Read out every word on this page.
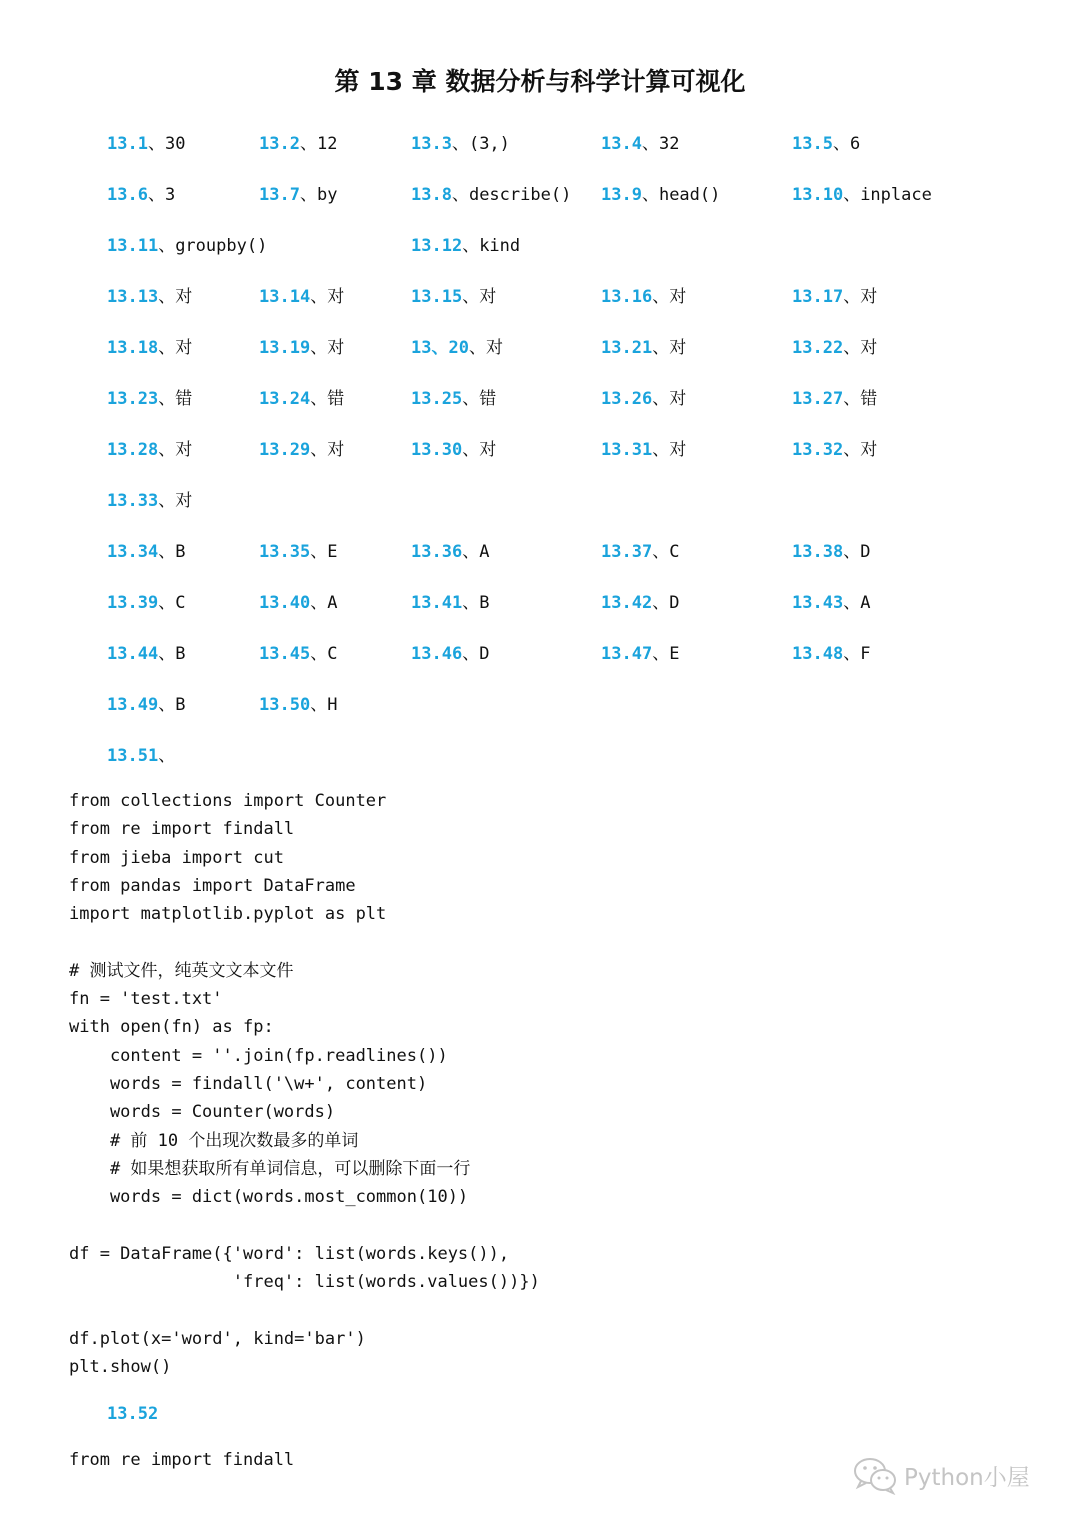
第 13 章 数据分析与科学计算可视化
13.1、30	13.2、12	13.3、(3,)	13.4、32	13.5、6
13.6、3	13.7、by	13.8、describe() 13.9、head()	13.10、inplace
13.11、groupby()	13.12、kind
13.13、对	13.14、对	13.15、对	13.16、对	13.17、对
13.18、对	13.19、对	13、20、对	13.21、对	13.22、对
13.23、错	13.24、错	13.25、错	13.26、对	13.27、错
13.28、对	13.29、对	13.30、对	13.31、对	13.32、对
13.33、对
13.34、B	13.35、E	13.36、A	13.37、C	13.38、D
13.39、C	13.40、A	13.41、B	13.42、D	13.43、A
13.44、B	13.45、C	13.46、D	13.47、E	13.48、F
13.49、B	13.50、H
13.51、
from collections import Counter
from re import findall
from jieba import cut
from pandas import DataFrame
import matplotlib.pyplot as plt
# 测试文件，纯英文文本文件
fn = 'test.txt'
with open(fn) as fp:
content = ''.join(fp.readlines())
words = findall('\w+', content)
words = Counter(words)
# 前 10 个出现次数最多的单词
# 如果想获取所有单词信息，可以删除下面一行
words = dict(words.most_common(10))
df = DataFrame({'word': list(words.keys()),
'freq': list(words.values())})
df.plot(x='word', kind='bar')
plt.show()
13.52
from re import findall
Python小屋
